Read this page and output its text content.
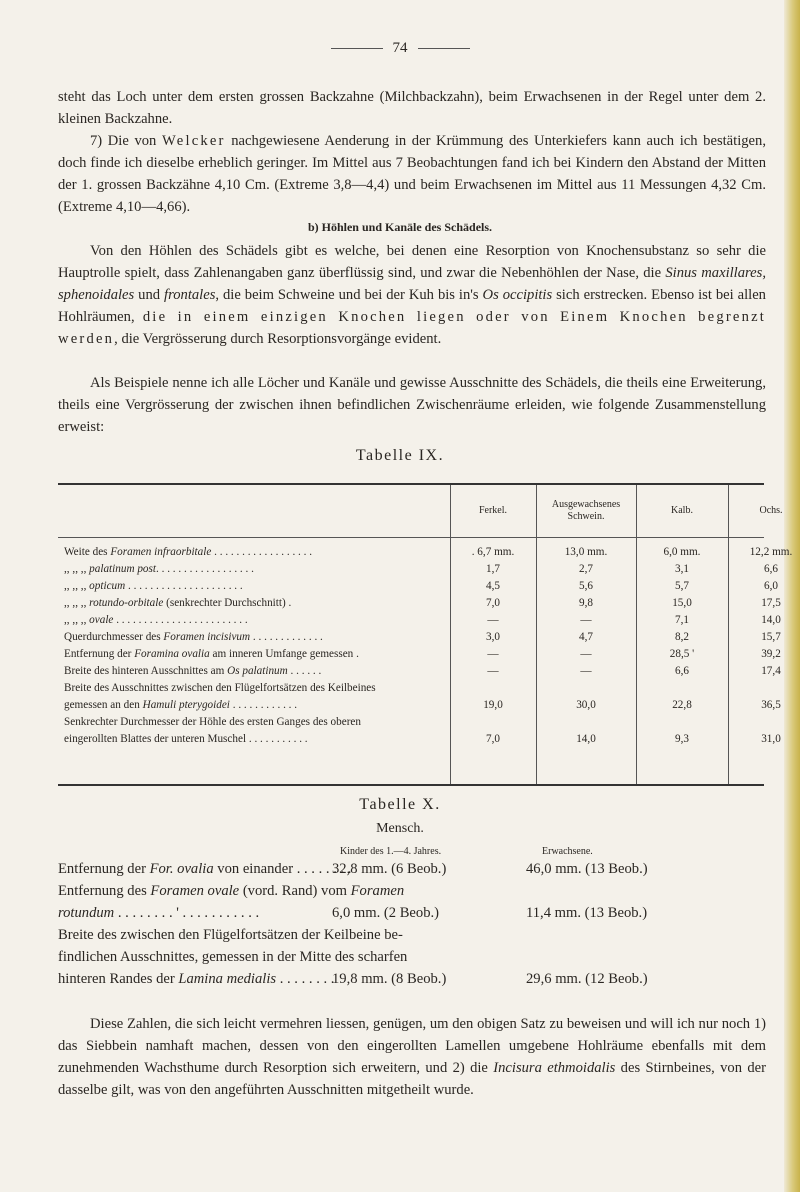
74

steht das Loch unter dem ersten grossen Backzahne (Milchbackzahn), beim Erwachsenen in der Regel unter dem 2. kleinen Backzahne.

7) Die von Welcker nachgewiesene Aenderung in der Krümmung des Unterkiefers kann auch ich bestätigen, doch finde ich dieselbe erheblich geringer. Im Mittel aus 7 Beobachtungen fand ich bei Kindern den Abstand der Mitten der 1. grossen Backzähne 4,10 Cm. (Extreme 3,8—4,4) und beim Erwachsenen im Mittel aus 11 Messungen 4,32 Cm. (Extreme 4,10—4,66).

b) Höhlen und Kanäle des Schädels.

Von den Höhlen des Schädels gibt es welche, bei denen eine Resorption von Knochensubstanz so sehr die Hauptrolle spielt, dass Zahlenangaben ganz überflüssig sind, und zwar die Nebenhöhlen der Nase, die Sinus maxillares, sphenoidales und frontales, die beim Schweine und bei der Kuh bis in's Os occipitis sich erstrecken. Ebenso ist bei allen Hohlräumen, die in einem einzigen Knochen liegen oder von Einem Knochen begrenzt werden, die Vergrösserung durch Resorptionsvorgänge evident.

Als Beispiele nenne ich alle Löcher und Kanäle und gewisse Ausschnitte des Schädels, die theils eine Erweiterung, theils eine Vergrösserung der zwischen ihnen befindlichen Zwischenräume erleiden, wie folgende Zusammenstellung erweist:

Tabelle IX.
Ferkel.
Ausgewachsenes Schwein.
Kalb.	Ochs.
Weite des Foramen infraorbitale . . . . . . . . . . . . . . . . . .	. 6,7 mm.	13,0 mm.	6,0 mm.	12,2 mm.
,, ,, ,, palatinum post. . . . . . . . . . . . . . . . . .	1,7	2,7	3,1	6,6
,, ,, ,, opticum . . . . . . . . . . . . . . . . . . . . .	4,5	5,6	5,7	6,0
,, ,, ,, rotundo-orbitale (senkrechter Durchschnitt) .	7,0	9,8	15,0	17,5
,, ,, ,, ovale . . . . . . . . . . . . . . . . . . . . . . . .	—	—	7,1	14,0
Querdurchmesser des Foramen incisivum . . . . . . . . . . . . .	3,0	4,7	8,2	15,7
Entfernung der Foramina ovalia am inneren Umfange gemessen .	—	—	28,5 '	39,2
Breite des hinteren Ausschnittes am Os palatinum . . . . . .	—	—	6,6	17,4
Breite des Ausschnittes zwischen den Flügelfortsätzen des Keilbeines
gemessen an den Hamuli pterygoidei . . . . . . . . . . . .	19,0	30,0	22,8	36,5
Senkrechter Durchmesser der Höhle des ersten Ganges des oberen
eingerollten Blattes der unteren Muschel . . . . . . . . . . .	7,0	14,0	9,3	31,0
Tabelle X.
Mensch.
Kinder des 1.—4. Jahres.	Erwachsene.
Entfernung der For. ovalia von einander . . . . . . . .
32,8 mm. (6 Beob.)	46,0 mm. (13 Beob.)
Entfernung des Foramen ovale (vord. Rand) vom Foramen
rotundum . . . . . . . . ' . . . . . . . . . . .	6,0 mm. (2 Beob.)	11,4 mm. (13 Beob.)
Breite des zwischen den Flügelfortsätzen der Keilbeine be-
findlichen Ausschnittes, gemessen in der Mitte des scharfen
hinteren Randes der Lamina medialis . . . . . . . .
19,8 mm. (8 Beob.)	29,6 mm. (12 Beob.)

Diese Zahlen, die sich leicht vermehren liessen, genügen, um den obigen Satz zu beweisen und will ich nur noch 1) das Siebbein namhaft machen, dessen von den eingerollten Lamellen umgebene Hohlräume ebenfalls mit dem zunehmenden Wachsthume durch Resorption sich erweitern, und 2) die Incisura ethmoidalis des Stirnbeines, von der dasselbe gilt, was von den angeführten Ausschnitten mitgetheilt wurde.
